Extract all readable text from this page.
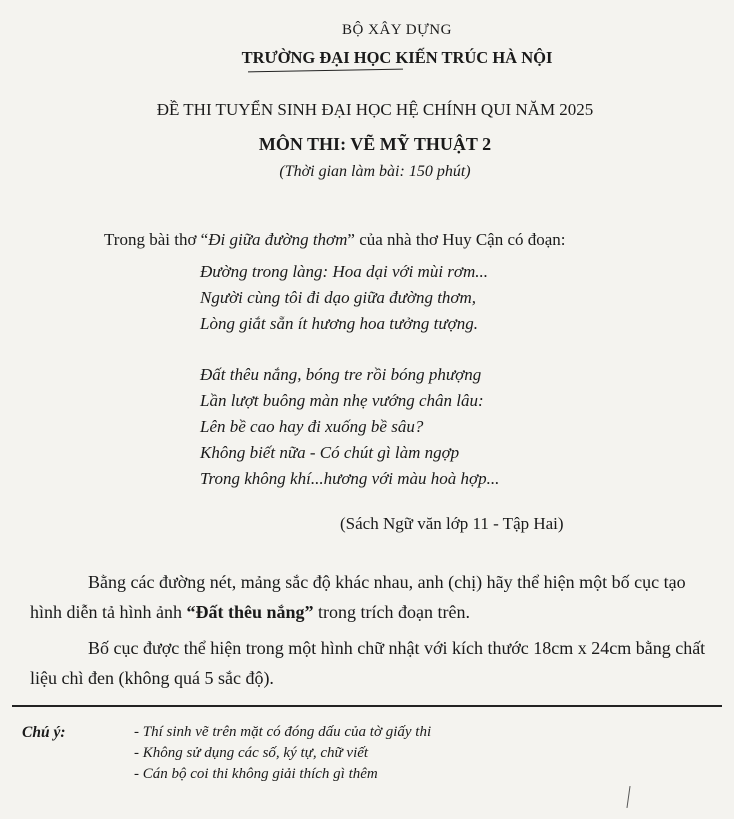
BỘ XÂY DỰNG
TRƯỜNG ĐẠI HỌC KIẾN TRÚC HÀ NỘI
ĐỀ THI TUYỂN SINH ĐẠI HỌC HỆ CHÍNH QUI NĂM 2025
MÔN THI: VẼ MỸ THUẬT 2
(Thời gian làm bài: 150 phút)
Trong bài thơ “Đi giữa đường thơm” của nhà thơ Huy Cận có đoạn:
Đường trong làng: Hoa dại với mùi rơm...
Người cùng tôi đi dạo giữa đường thơm,
Lòng giắt sẵn ít hương hoa tưởng tượng.
Đất thêu nắng, bóng tre rồi bóng phượng
Lần lượt buông màn nhẹ vướng chân lâu:
Lên bề cao hay đi xuống bề sâu?
Không biết nữa - Có chút gì làm ngợp
Trong không khí...hương với màu hoà hợp...
(Sách Ngữ văn lớp 11 - Tập Hai)
Bằng các đường nét, mảng sắc độ khác nhau, anh (chị) hãy thể hiện một bố cục tạo hình diễn tả hình ảnh “Đất thêu nắng” trong trích đoạn trên.
Bố cục được thể hiện trong một hình chữ nhật với kích thước 18cm x 24cm bằng chất liệu chì đen (không quá 5 sắc độ).
Chú ý:	- Thí sinh vẽ trên mặt có đóng dấu của tờ giấy thi
- Không sử dụng các số, ký tự, chữ viết
- Cán bộ coi thi không giải thích gì thêm
